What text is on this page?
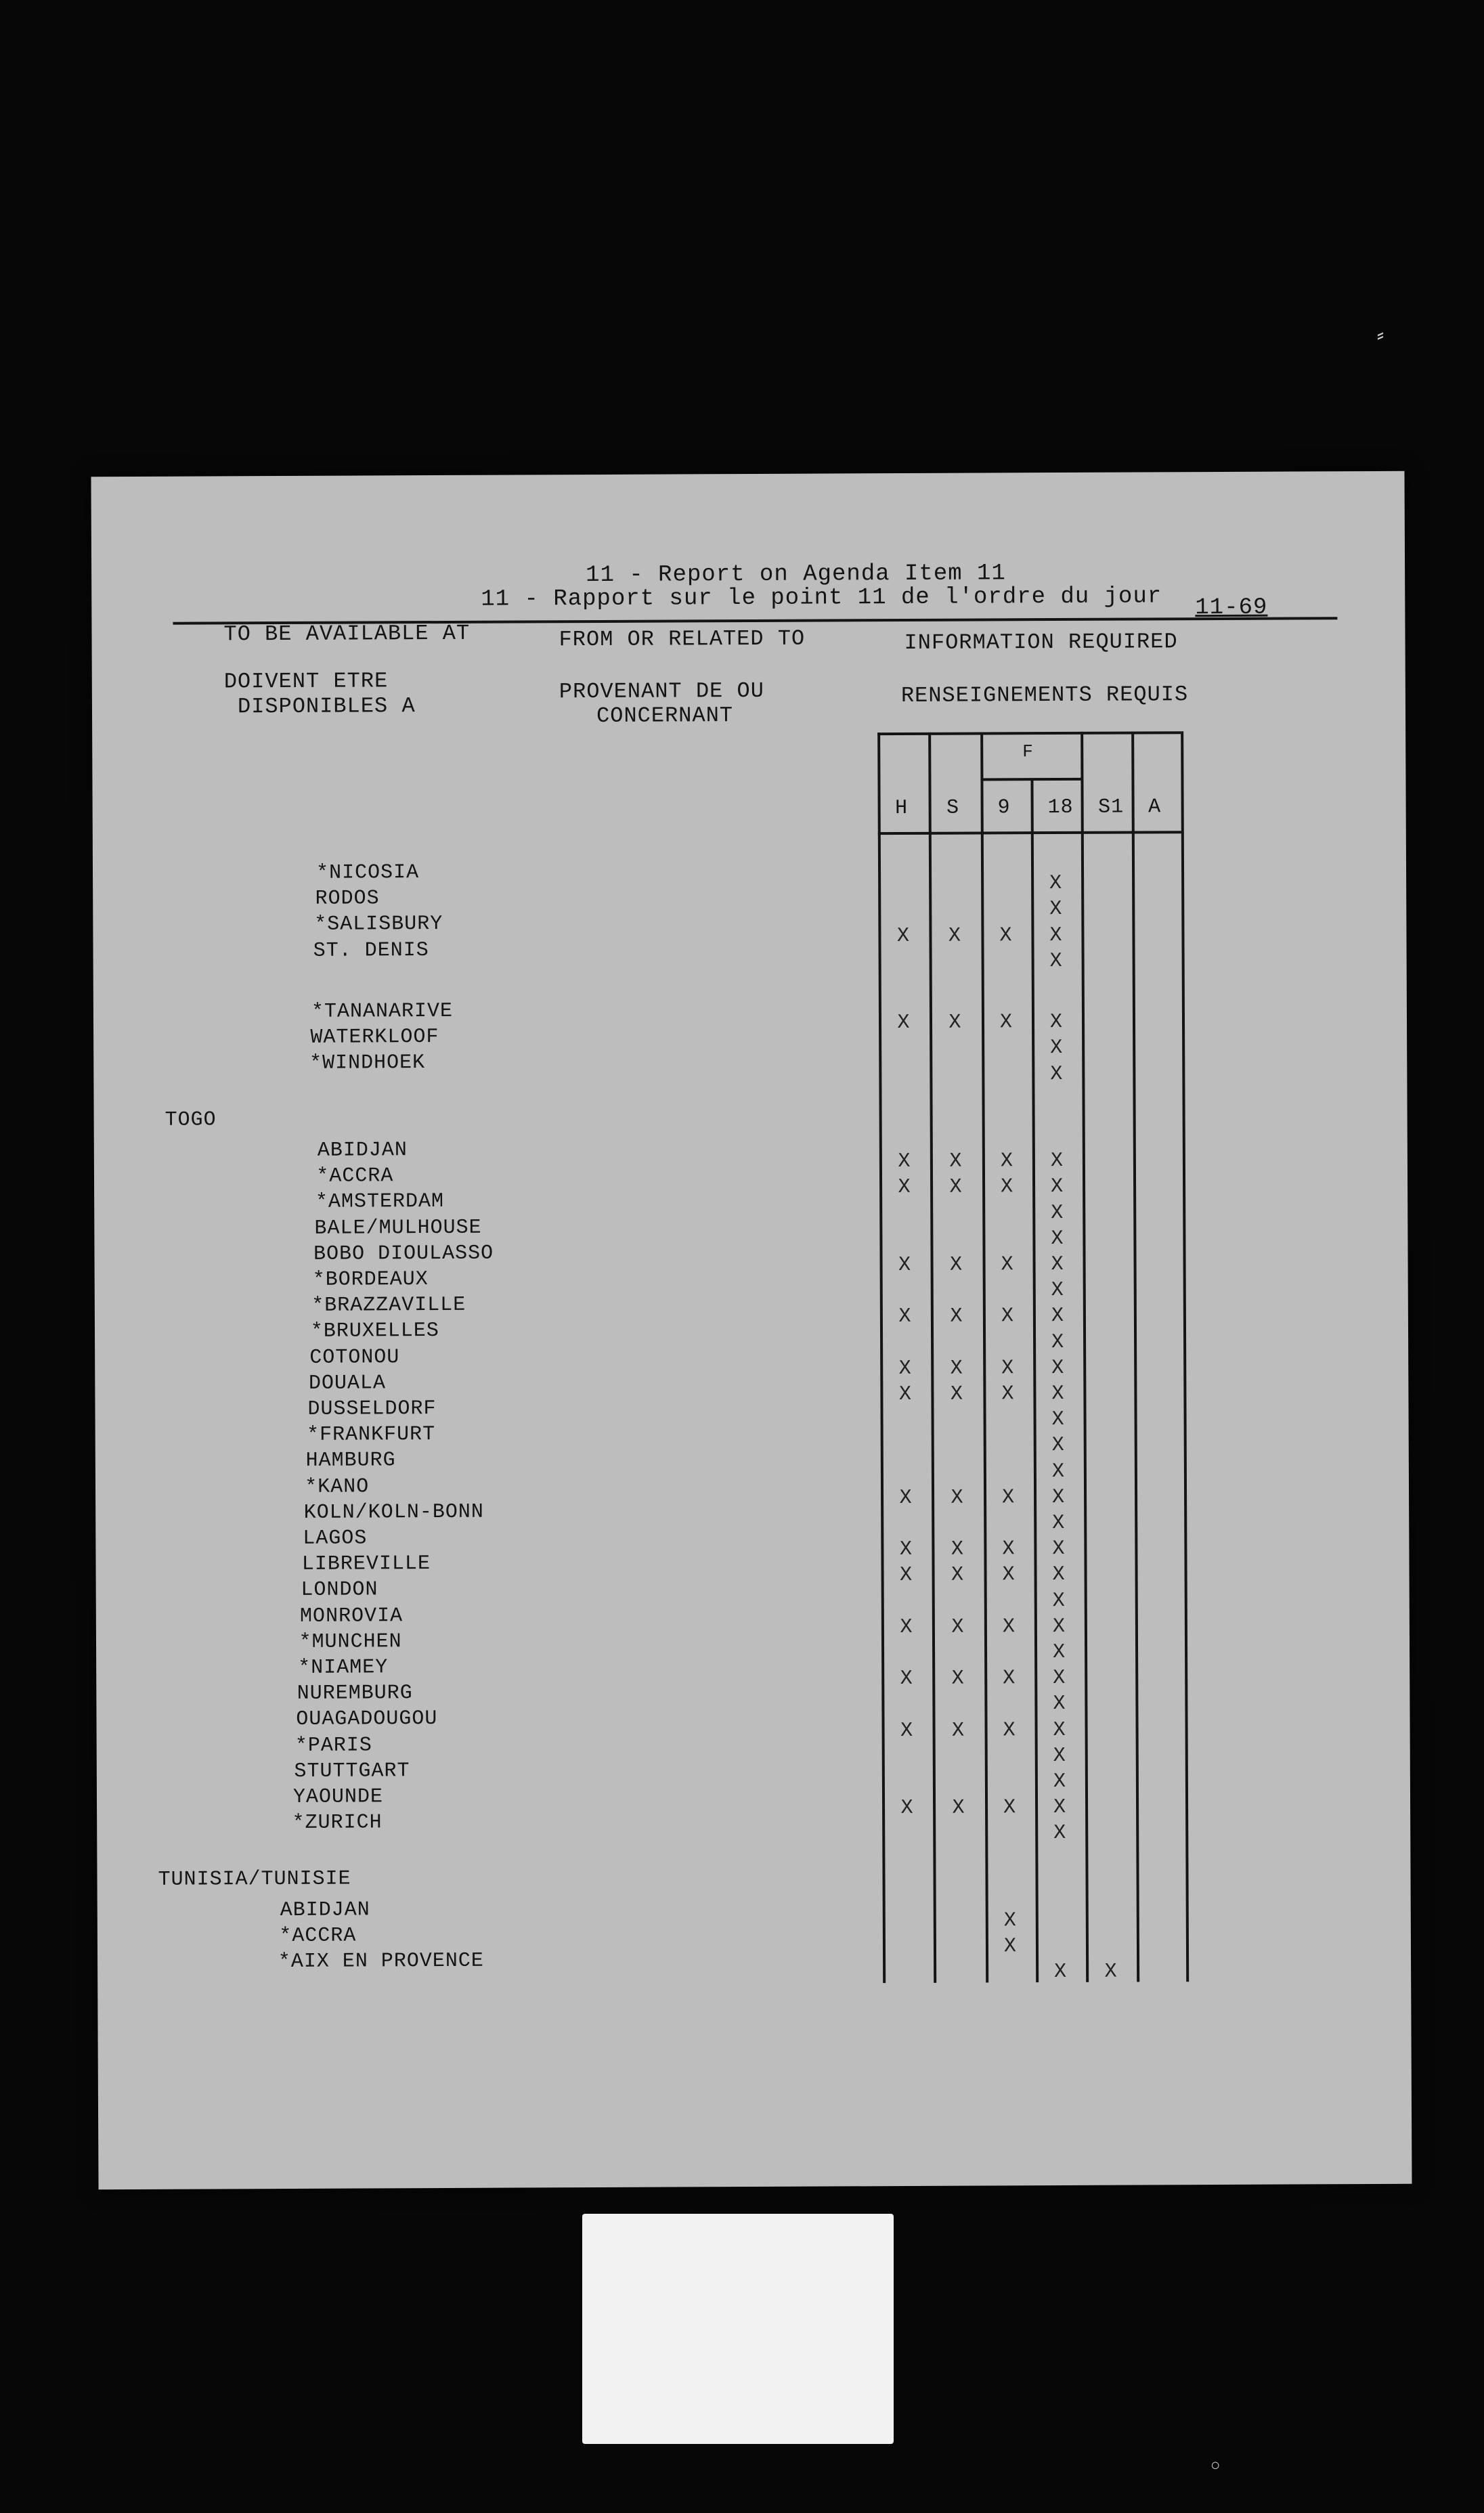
11 - Report on Agenda Item 11
11 - Rapport sur le point 11 de l'ordre du jour 11-69
TO BE AVAILABLE AT
DOIVENT ETRE
DISPONIBLES A
FROM OR RELATED TO
PROVENANT DE OU
CONCERNANT
INFORMATION REQUIRED
RENSEIGNEMENTS REQUIS
F
H S 9 18 S1 A
*NICOSIA
RODOS
X
*SALISBURY
X
ST. DENIS
X X X X
X
*TANANARIVE
WATERKLOOF
X X X X
*WINDHOEK
X
X
TOGO
ABIDJAN
*ACCRA
X X X X
*AMSTERDAM
X X X X
BALE/MULHOUSE
X
BOBO DIOULASSO
X
*BORDEAUX
X X X X
*BRAZZAVILLE
X
*BRUXELLES
X X X X
COTONOU
X
DOUALA
X X X X
DUSSELDORF
X X X X
*FRANKFURT
X
HAMBURG
X
*KANO
X
KOLN/KOLN-BONN
X X X X
LAGOS
X
LIBREVILLE
X X X X
LONDON
X X X X
MONROVIA
X
*MUNCHEN
X X X X
*NIAMEY
X
NUREMBURG
X X X X
OUAGADOUGOU
X
*PARIS
X X X X
STUTTGART
X
YAOUNDE
X
*ZURICH
X X X X
X
TUNISIA/TUNISIE
ABIDJAN
*ACCRA
X
*AIX EN PROVENCE
X
X X
⸗
○
